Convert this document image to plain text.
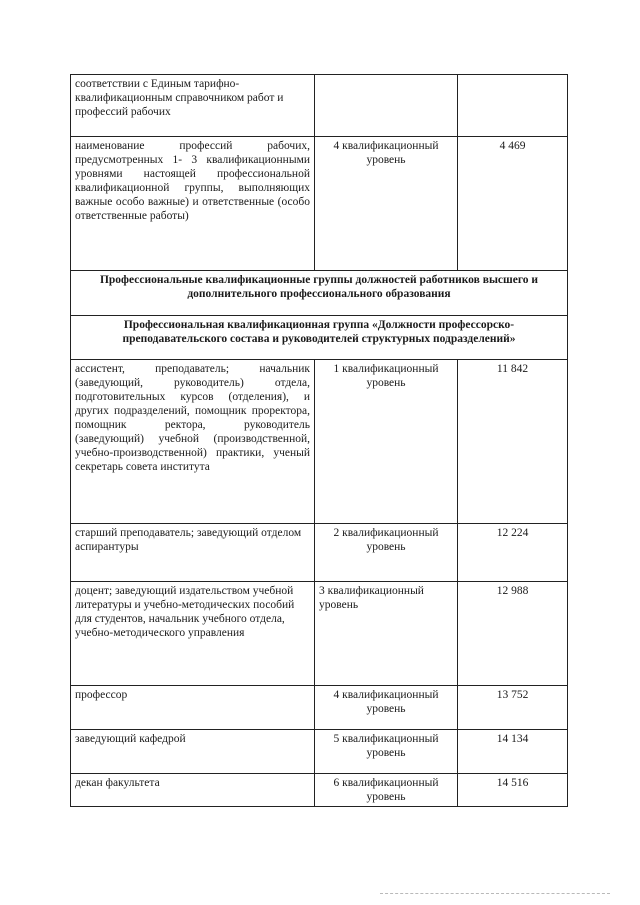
соответствии с Единым тарифно-квалификационным справочником работ и профессий рабочих		
наименование профессий рабочих, предусмотренных 1- 3 квалификационными уровнями настоящей профессиональной квалификационной группы, выполняющих важные особо важные) и ответственные (особо ответственные работы)	4 квалификационный уровень	4 469
Профессиональные квалификационные группы должностей работников высшего и дополнительного профессионального образования		
Профессиональная квалификационная группа «Должности профессорско-преподавательского состава и руководителей структурных подразделений»		
ассистент, преподаватель; начальник (заведующий, руководитель) отдела, подготовительных курсов (отделения), и других подразделений, помощник проректора, помощник ректора, руководитель (заведующий) учебной (производственной, учебно-производственной) практики, ученый секретарь совета института	1 квалификационный уровень	11 842
старший преподаватель; заведующий отделом аспирантуры	2 квалификационный уровень	12 224
доцент; заведующий издательством учебной литературы и учебно-методических пособий для студентов, начальник учебного отдела, учебно-методического управления	3 квалификационный уровень	12 988
профессор	4 квалификационный уровень	13 752
заведующий кафедрой	5 квалификационный уровень	14 134
декан факультета	6 квалификационный уровень	14 516
